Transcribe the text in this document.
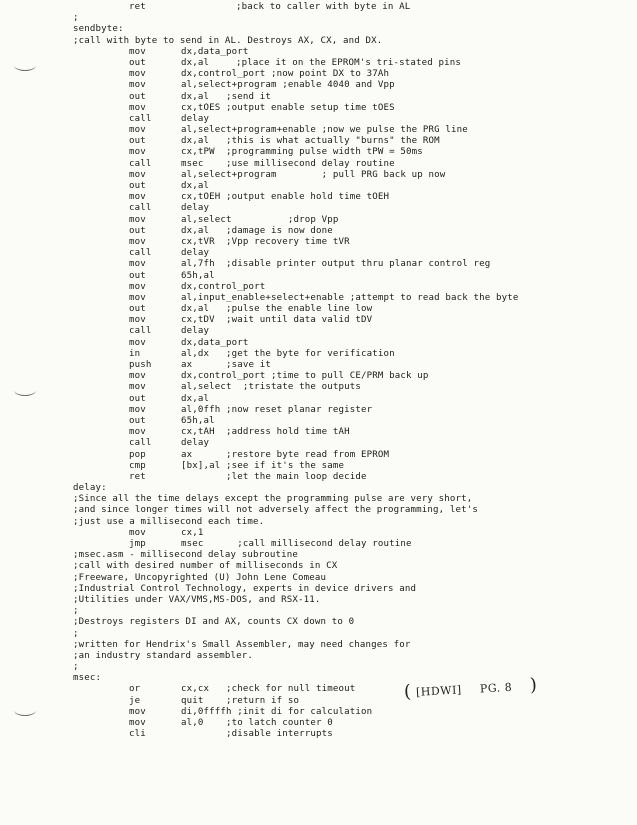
ret	;back to caller with byte in AL
;
sendbyte:
;call with byte to send in AL. Destroys AX, CX, and DX.
mov	dx,data_port
out	dx,al	;place it on the EPROM's tri-stated pins
mov	dx,control_port ;now point DX to 37Ah
mov	al,select+program ;enable 4040 and Vpp
out	dx,al   ;send it
mov	cx,tOES ;output enable setup time tOES
call	delay
mov	al,select+program+enable ;now we pulse the PRG line
out	dx,al   ;this is what actually "burns" the ROM
mov	cx,tPW  ;programming pulse width tPW = 50ms
call	msec    ;use millisecond delay routine
mov	al,select+program        ; pull PRG back up now
out	dx,al
mov	cx,tOEH ;output enable hold time tOEH
call	delay
mov	al,select          ;drop Vpp
out	dx,al   ;damage is now done
mov	cx,tVR  ;Vpp recovery time tVR
call	delay
mov	al,7fh  ;disable printer output thru planar control reg
out	65h,al
mov	dx,control_port
mov	al,input_enable+select+enable ;attempt to read back the byte
out	dx,al   ;pulse the enable line low
mov	cx,tDV  ;wait until data valid tDV
call	delay
mov	dx,data_port
in	al,dx   ;get the byte for verification
push	ax      ;save it
mov	dx,control_port ;time to pull CE/PRM back up
mov	al,select  ;tristate the outputs
out	dx,al
mov	al,0ffh ;now reset planar register
out	65h,al
mov	cx,tAH  ;address hold time tAH
call	delay
pop	ax      ;restore byte read from EPROM
cmp	[bx],al ;see if it's the same
ret	;let the main loop decide
delay:
;Since all the time delays except the programming pulse are very short,
;and since longer times will not adversely affect the programming, let's
;just use a millisecond each time.
mov	cx,1
jmp	msec      ;call millisecond delay routine
;msec.asm - millisecond delay subroutine
;call with desired number of milliseconds in CX
;Freeware, Uncopyrighted (U) John Lene Comeau
;Industrial Control Technology, experts in device drivers and
;Utilities under VAX/VMS,MS-DOS, and RSX-11.
;
;Destroys registers DI and AX, counts CX down to 0
;
;written for Hendrix's Small Assembler, may need changes for
;an industry standard assembler.
;
msec:
or	cx,cx   ;check for null timeout
je	quit    ;return if so
mov	di,0ffffh ;init di for calculation
mov	al,0    ;to latch counter 0
cli	;disable interrupts
( [HDWI] PG. 8 )
